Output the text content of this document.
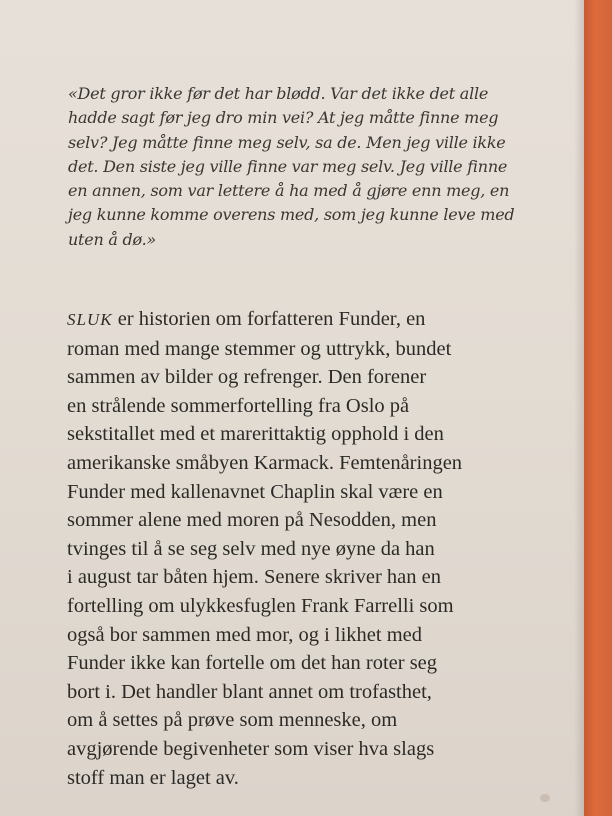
«Det gror ikke før det har blødd. Var det ikke det alle
hadde sagt før jeg dro min vei? At jeg måtte finne meg
selv? Jeg måtte finne meg selv, sa de. Men jeg ville ikke
det. Den siste jeg ville finne var meg selv. Jeg ville finne
en annen, som var lettere å ha med å gjøre enn meg, en
jeg kunne komme overens med, som jeg kunne leve med
uten å dø.»
SLUK er historien om forfatteren Funder, en
roman med mange stemmer og uttrykk, bundet
sammen av bilder og refrenger. Den forener
en strålende sommerfortelling fra Oslo på
sekstitallet med et marerittaktig opphold i den
amerikanske småbyen Karmack. Femtenåringen
Funder med kallenavnet Chaplin skal være en
sommer alene med moren på Nesodden, men
tvinges til å se seg selv med nye øyne da han
i august tar båten hjem. Senere skriver han en
fortelling om ulykkesfuglen Frank Farrelli som
også bor sammen med mor, og i likhet med
Funder ikke kan fortelle om det han roter seg
bort i. Det handler blant annet om trofasthet,
om å settes på prøve som menneske, om
avgjørende begivenheter som viser hva slags
stoff man er laget av.
